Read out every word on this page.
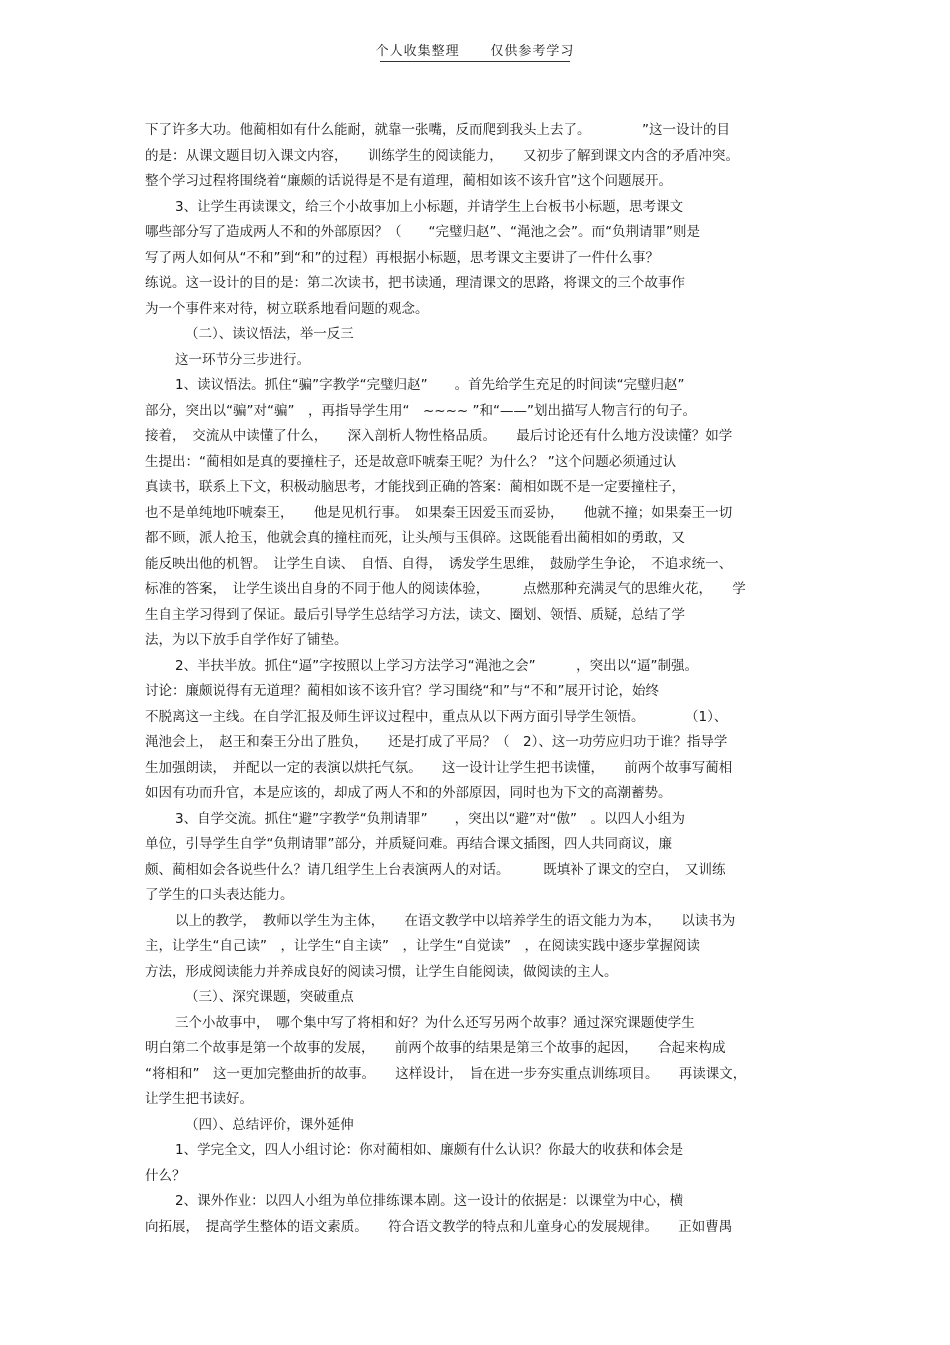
个人收集整理 仅供参考学习
下了许多大功。他蔺相如有什么能耐，就靠一张嘴，反而爬到我头上去了。　　　　 ”这一设计的目
的是：从课文题目切入课文内容，　　训练学生的阅读能力，　　又初步了解到课文内含的矛盾冲突。
整个学习过程将围绕着“廉颇的话说得是不是有道理，蔺相如该不该升官”这个问题展开。
3、让学生再读课文，给三个小故事加上小标题，并请学生上台板书小标题，思考课文
哪些部分写了造成两人不和的外部原因？（　　“完璧归赵”、“渑池之会”。而“负荆请罪”则是
写了两人如何从“不和”到“和”的过程）再根据小标题，思考课文主要讲了一件什么事？
练说。这一设计的目的是：第二次读书，把书读通，理清课文的思路，将课文的三个故事作
为一个事件来对待，树立联系地看问题的观念。
（二）、读议悟法，举一反三
这一环节分三步进行。
1、读议悟法。抓住“骗”字教学“完璧归赵”　　。首先给学生充足的时间读“完璧归赵”
部分，突出以“骗”对“骗”　，再指导学生用“　~~~~ ”和“——”划出描写人物言行的句子。
接着，　交流从中读懂了什么，　　深入剖析人物性格品质。　　最后讨论还有什么地方没读懂？如学
生提出：“蔺相如是真的要撞柱子，还是故意吓唬秦王呢？为什么？ ”这个问题必须通过认
真读书，联系上下文，积极动脑思考，才能找到正确的答案：蔺相如既不是一定要撞柱子，
也不是单纯地吓唬秦王，　　他是见机行事。　如果秦王因爱玉而妥协，　　他就不撞；如果秦王一切
都不顾，派人抢玉，他就会真的撞柱而死，让头颅与玉俱碎。这既能看出蔺相如的勇敢，又
能反映出他的机智。　让学生自读、　自悟、自得，　诱发学生思维，　鼓励学生争论，　不追求统一、
标准的答案，　让学生谈出自身的不同于他人的阅读体验，　　　点燃那种充满灵气的思维火花，　　学
生自主学习得到了保证。最后引导学生总结学习方法，读文、圈划、领悟、质疑，总结了学
法，为以下放手自学作好了铺垫。
2、半扶半放。抓住“逼”字按照以上学习方法学习“渑池之会”　　　，突出以“逼”制强。
讨论：廉颇说得有无道理？蔺相如该不该升官？学习围绕“和”与“不和”展开讨论，始终
不脱离这一主线。在自学汇报及师生评议过程中，重点从以下两方面引导学生领悟。　　　　（1）、
渑池会上，　赵王和秦王分出了胜负，　　还是打成了平局？（　2）、这一功劳应归功于谁？指导学
生加强朗读，　并配以一定的表演以烘托气氛。　　这一设计让学生把书读懂，　　前两个故事写蔺相
如因有功而升官，本是应该的，却成了两人不和的外部原因，同时也为下文的高潮蓄势。
3、自学交流。抓住“避”字教学“负荆请罪”　　，突出以“避”对“傲”　。以四人小组为
单位，引导学生自学“负荆请罪”部分，并质疑问难。再结合课文插图，四人共同商议，廉
颇、蔺相如会各说些什么？请几组学生上台表演两人的对话。　　　既填补了课文的空白，　又训练
了学生的口头表达能力。
以上的教学，　教师以学生为主体，　　在语文教学中以培养学生的语文能力为本，　　以读书为
主，让学生“自己读”　，让学生“自主读”　，让学生“自觉读”　，在阅读实践中逐步掌握阅读
方法，形成阅读能力并养成良好的阅读习惯，让学生自能阅读，做阅读的主人。
（三）、深究课题，突破重点
三个小故事中，　哪个集中写了将相和好？为什么还写另两个故事？通过深究课题使学生
明白第二个故事是第一个故事的发展，　　前两个故事的结果是第三个故事的起因，　　合起来构成
“将相和”　这一更加完整曲折的故事。　　这样设计，　旨在进一步夯实重点训练项目。　　再读课文，
让学生把书读好。
（四）、总结评价，课外延伸
1、学完全文，四人小组讨论：你对蔺相如、廉颇有什么认识？你最大的收获和体会是
什么？
2、课外作业：以四人小组为单位排练课本剧。这一设计的依据是：以课堂为中心，横
向拓展，　提高学生整体的语文素质。　　符合语文教学的特点和儿童身心的发展规律。　　正如曹禺
